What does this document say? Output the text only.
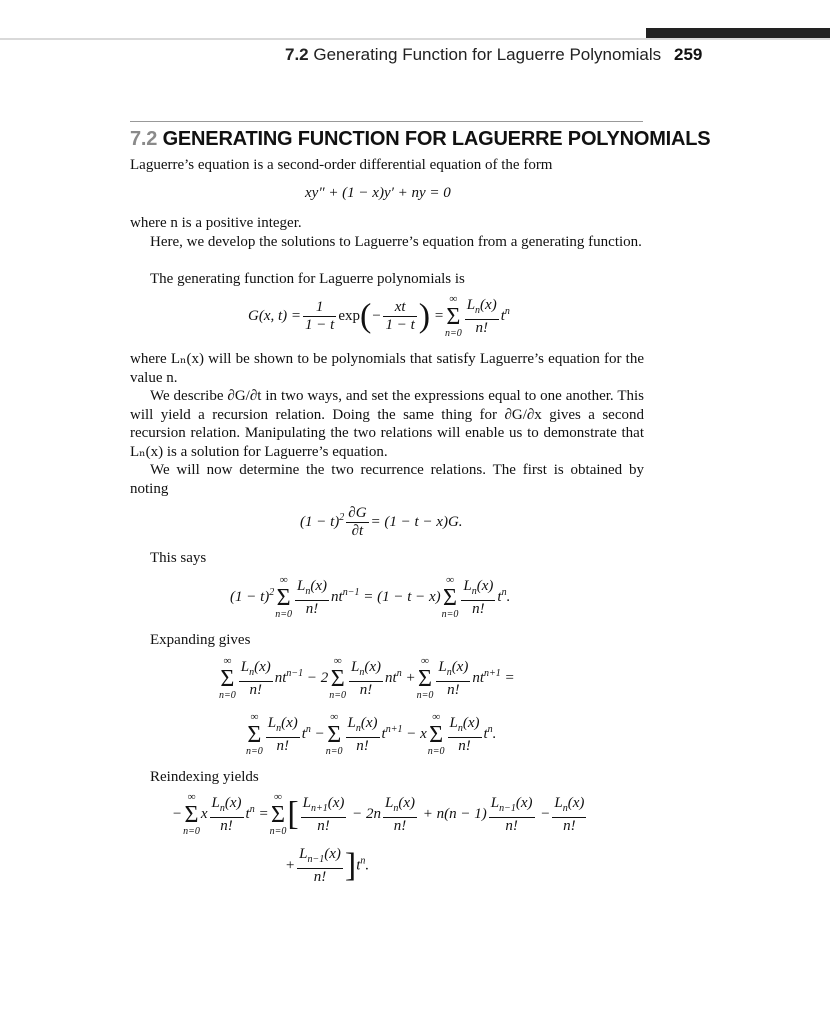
7.2 Generating Function for Laguerre Polynomials 259
7.2 GENERATING FUNCTION FOR LAGUERRE POLYNOMIALS
Laguerre’s equation is a second-order differential equation of the form
xy″ + (1 − x)y′ + ny = 0
where n is a positive integer.
Here, we develop the solutions to Laguerre’s equation from a generating function.
The generating function for Laguerre polynomials is
G(x, $t) = \frac{1}{1 - t} \exp(- \frac{xt}{1 - t}$ ) =
∞
Σ
$n=0 \frac{L_n(x)}{n!} t^n$
where Lₙ(x) will be shown to be polynomials that satisfy Laguerre’s equation for the value n.
We describe ∂G/∂t in two ways, and set the expressions equal to one another. This will yield a recursion relation. Doing the same thing for ∂G/∂x gives a second recursion relation. Manipulating the two relations will enable us to demonstrate that Lₙ(x) is a solution for Laguerre’s equation.
We will now determine the two recurrence relations. The first is obtained by noting
$(1 - t)^2 \frac{\partial G}{\partial t} = (1 - t - x)G$.
This says
$(1 - t)^2$
∞
Σ
$n=0 \frac{L_n(x)}{n!} nt^{n-1} = (1 - t - x)$
∞
Σ
$n=0 \frac{L_n(x)}{n!} t^n$.
Expanding gives
∞
Σ
$n=0 \frac{L_n(x)}{n!} nt^{n-1} - 2$
∞
Σ
$n=0 \frac{L_n(x)}{n!} nt^n$ +
∞
Σ
$n=0 \frac{L_n(x)}{n!} nt^{n+1}$ =
∞
Σ
$n=0 \frac{L_n(x)}{n!} t^n$ −
∞
Σ
$n=0 \frac{L_n(x)}{n!} t^{n+1} - x$
∞
Σ
$n=0 \frac{L_n(x)}{n!} t^n$.
Reindexing yields
−
∞
Σ
n=0
x $\frac{L_n(x)}{n!} t^n$ =
∞
Σ
n=0 [ $\frac{L_{n+1}(x)}{n!} - 2n \frac{L_n(x)}{n!} + n(n - 1) \frac{L_{n-1}(x)}{n!} - \frac{L_n(x)}{n!}$
+ $\frac{L_{n-1}(x)}{n!} ]t^n$.
